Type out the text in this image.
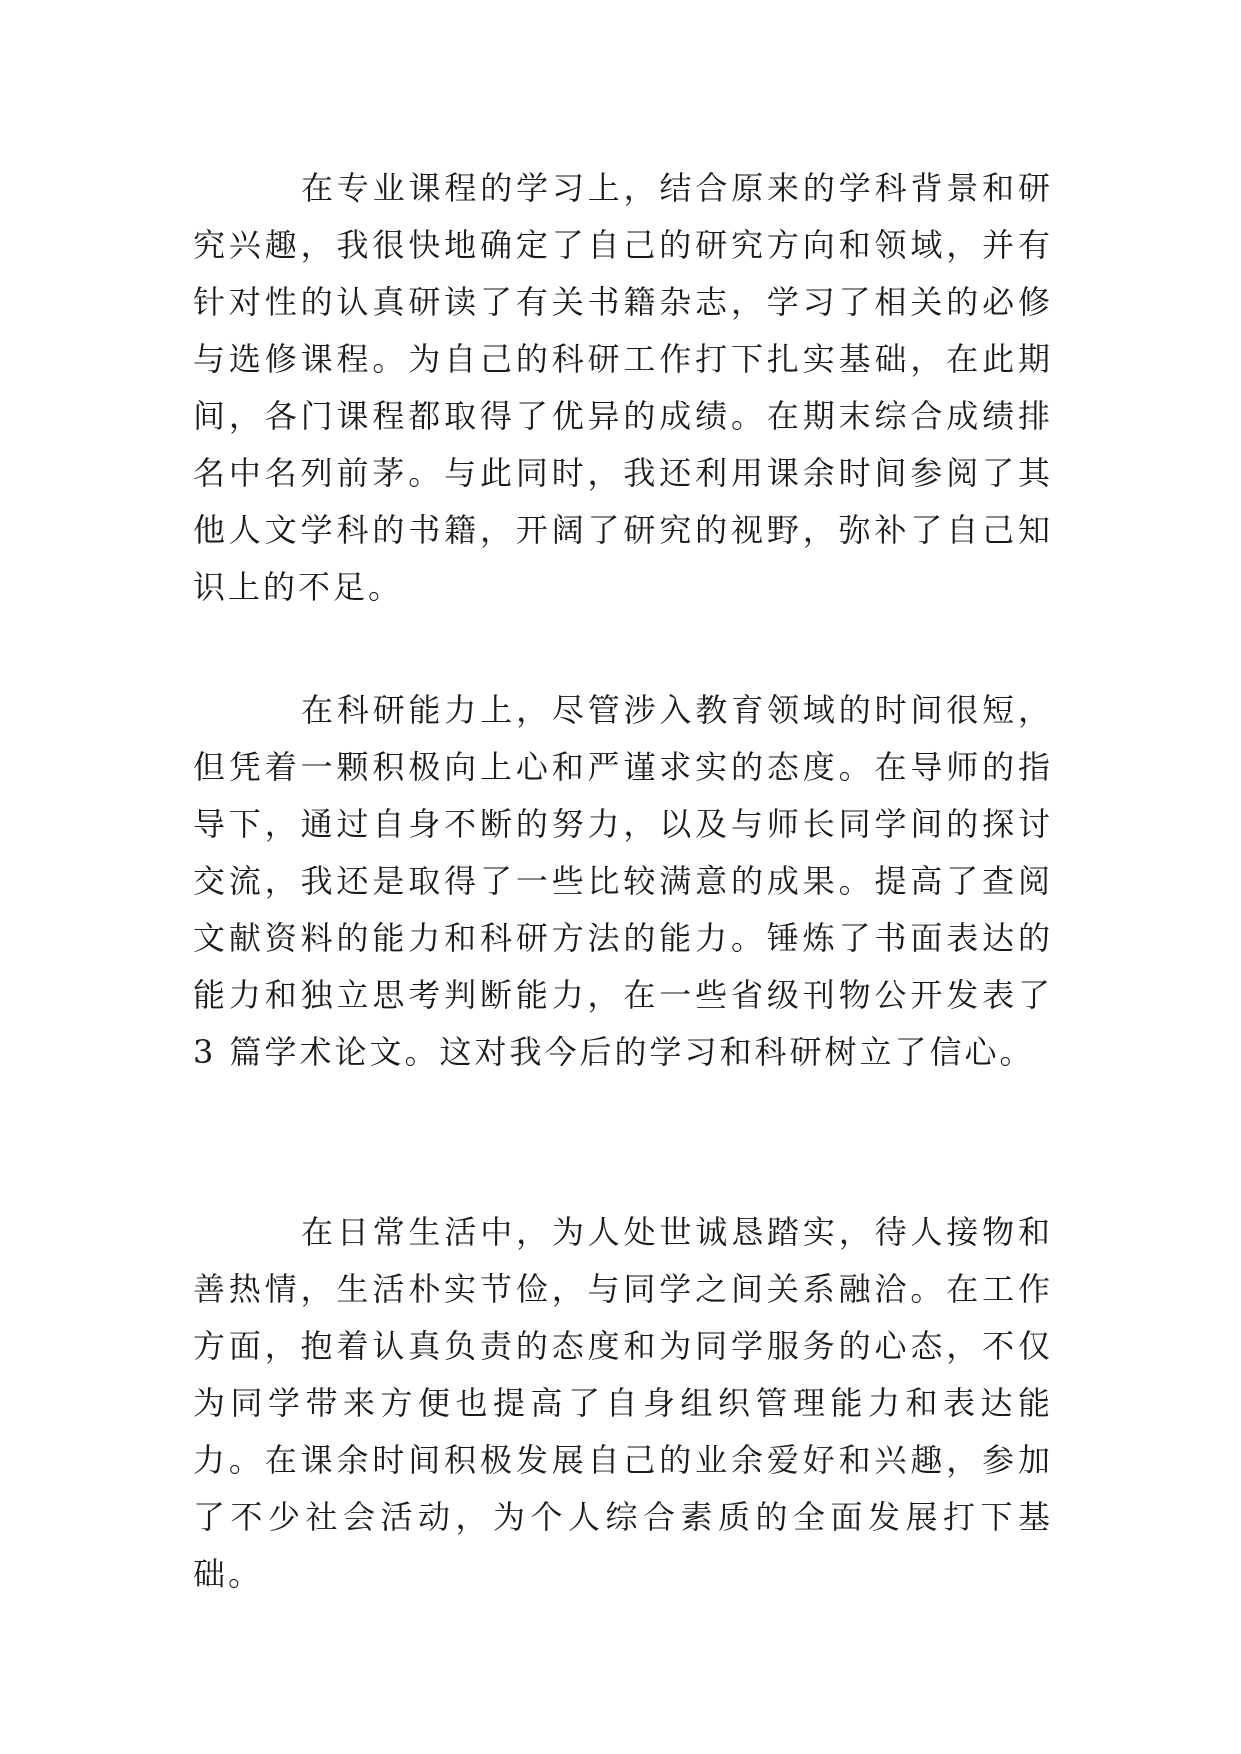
在专业课程的学习上，结合原来的学科背景和研究兴趣，我很快地确定了自己的研究方向和领域，并有针对性的认真研读了有关书籍杂志，学习了相关的必修与选修课程。为自己的科研工作打下扎实基础，在此期间，各门课程都取得了优异的成绩。在期末综合成绩排名中名列前茅。与此同时，我还利用课余时间参阅了其他人文学科的书籍，开阔了研究的视野，弥补了自己知识上的不足。

在科研能力上，尽管涉入教育领域的时间很短，但凭着一颗积极向上心和严谨求实的态度。在导师的指导下，通过自身不断的努力，以及与师长同学间的探讨交流，我还是取得了一些比较满意的成果。提高了查阅文献资料的能力和科研方法的能力。锤炼了书面表达的能力和独立思考判断能力，在一些省级刊物公开发表了 3 篇学术论文。这对我今后的学习和科研树立了信心。

在日常生活中，为人处世诚恳踏实，待人接物和善热情，生活朴实节俭，与同学之间关系融洽。在工作方面，抱着认真负责的态度和为同学服务的心态，不仅为同学带来方便也提高了自身组织管理能力和表达能力。在课余时间积极发展自己的业余爱好和兴趣，参加了不少社会活动，为个人综合素质的全面发展打下基础。
